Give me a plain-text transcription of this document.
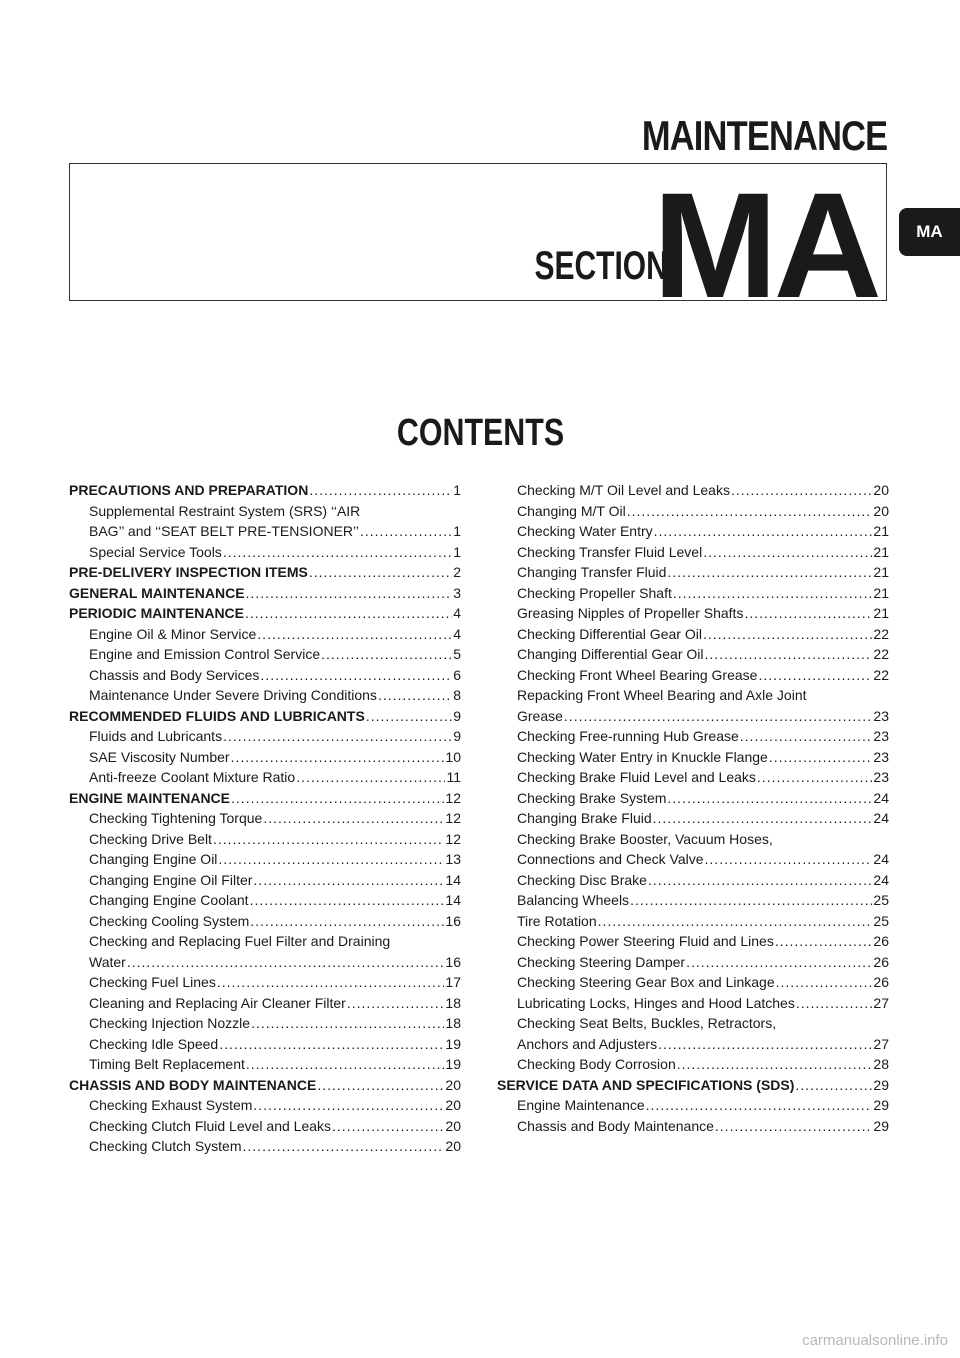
MAINTENANCE
SECTION
MA	MA
CONTENTS
PRECAUTIONS AND PREPARATION .....	1
Supplemental Restraint System (SRS) ‘‘AIR
BAG’’ and ‘‘SEAT BELT PRE-TENSIONER’’ .....	1
Special Service Tools .....	1
PRE-DELIVERY INSPECTION ITEMS .....	2
GENERAL MAINTENANCE .....	3
PERIODIC MAINTENANCE .....	4
Engine Oil & Minor Service .....	4
Engine and Emission Control Service .....	5
Chassis and Body Services .....	6
Maintenance Under Severe Driving Conditions .....	8
RECOMMENDED FLUIDS AND LUBRICANTS .....	9
Fluids and Lubricants .....	9
SAE Viscosity Number .....	10
Anti-freeze Coolant Mixture Ratio .....	11
ENGINE MAINTENANCE .....	12
Checking Tightening Torque .....	12
Checking Drive Belt .....	12
Changing Engine Oil .....	13
Changing Engine Oil Filter .....	14
Changing Engine Coolant .....	14
Checking Cooling System .....	16
Checking and Replacing Fuel Filter and Draining
Water .....	16
Checking Fuel Lines .....	17
Cleaning and Replacing Air Cleaner Filter .....	18
Checking Injection Nozzle .....	18
Checking Idle Speed .....	19
Timing Belt Replacement .....	19
CHASSIS AND BODY MAINTENANCE .....	20
Checking Exhaust System .....	20
Checking Clutch Fluid Level and Leaks .....	20
Checking Clutch System .....	20
Checking M/T Oil Level and Leaks .....	20
Changing M/T Oil .....	20
Checking Water Entry .....	21
Checking Transfer Fluid Level .....	21
Changing Transfer Fluid .....	21
Checking Propeller Shaft .....	21
Greasing Nipples of Propeller Shafts .....	21
Checking Differential Gear Oil .....	22
Changing Differential Gear Oil .....	22
Checking Front Wheel Bearing Grease .....	22
Repacking Front Wheel Bearing and Axle Joint
Grease .....	23
Checking Free-running Hub Grease .....	23
Checking Water Entry in Knuckle Flange .....	23
Checking Brake Fluid Level and Leaks .....	23
Checking Brake System .....	24
Changing Brake Fluid .....	24
Checking Brake Booster, Vacuum Hoses,
Connections and Check Valve .....	24
Checking Disc Brake .....	24
Balancing Wheels .....	25
Tire Rotation .....	25
Checking Power Steering Fluid and Lines .....	26
Checking Steering Damper .....	26
Checking Steering Gear Box and Linkage .....	26
Lubricating Locks, Hinges and Hood Latches .....	27
Checking Seat Belts, Buckles, Retractors,
Anchors and Adjusters .....	27
Checking Body Corrosion .....	28
SERVICE DATA AND SPECIFICATIONS (SDS) .....	29
Engine Maintenance .....	29
Chassis and Body Maintenance .....	29
carmanualsonline.info
